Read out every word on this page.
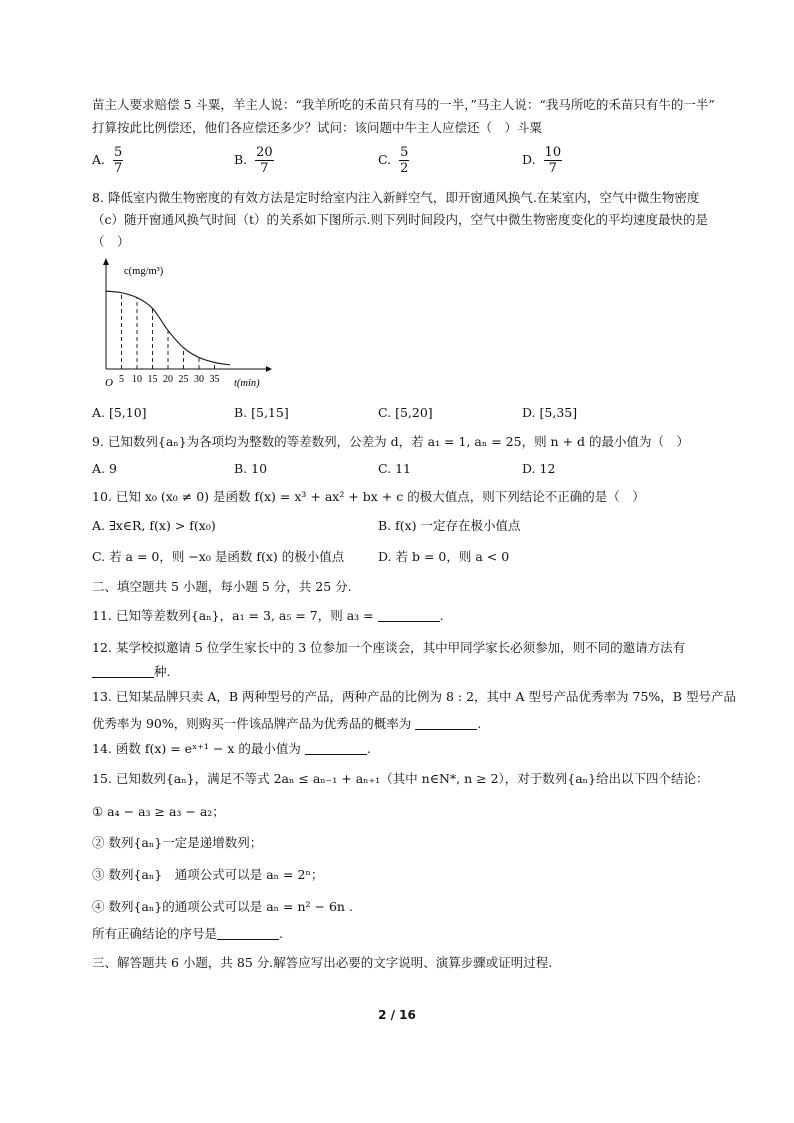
苗主人要求赔偿 5 斗粟，羊主人说：“我羊所吃的禾苗只有马的一半，”马主人说：“我马所吃的禾苗只有牛的一半”
打算按此比例偿还，他们各应偿还多少？试问：该问题中牛主人应偿还（　）斗粟
A. $\frac{5}{7}$	B. $\frac{20}{7}$	C. $\frac{5}{2}$	D. $\frac{10}{7}$
8. 降低室内微生物密度的有效方法是定时给室内注入新鲜空气，即开窗通风换气.在某室内，空气中微生物密度
（c）随开窗通风换气时间（t）的关系如下图所示.则下列时间段内，空气中微生物密度变化的平均速度最快的是
（　）
5 10 15 20 25 30 35
c(mg/m³)
t(min)
O
A. [5,10]	B. [5,15]	C. [5,20]	D. [5,35]
9. 已知数列{aₙ}为各项均为整数的等差数列，公差为 d，若 a₁ = 1, aₙ = 25，则 n + d 的最小值为（　）
A. 9	B. 10	C. 11	D. 12
10. 已知 x₀ (x₀ ≠ 0) 是函数 f(x) = x³ + ax² + bx + c 的极大值点，则下列结论不正确的是（　）
A. ∃x∈R, f(x) > f(x₀)	B. f(x) 一定存在极小值点
C. 若 a = 0，则 −x₀ 是函数 f(x) 的极小值点	D. 若 b = 0，则 a < 0
二、填空题共 5 小题，每小题 5 分，共 25 分.
11. 已知等差数列{aₙ}，a₁ = 3, a₅ = 7，则 a₃ =	.
12. 某学校拟邀请 5 位学生家长中的 3 位参加一个座谈会，其中甲同学家长必须参加，则不同的邀请方法有
种.
13. 已知某品牌只卖 A，B 两种型号的产品，两种产品的比例为 8 : 2，其中 A 型号产品优秀率为 75%，B 型号产品
优秀率为 90%，则购买一件该品牌产品为优秀品的概率为	.
14. 函数 f(x) = eˣ⁺¹ − x 的最小值为	.
15. 已知数列{aₙ}，满足不等式 2aₙ ≤ aₙ₋₁ + aₙ₊₁（其中 n∈N*, n ≥ 2），对于数列{aₙ}给出以下四个结论：
① a₄ − a₃ ≥ a₃ − a₂；
② 数列{aₙ}一定是递增数列；
③ 数列{aₙ}　通项公式可以是 aₙ = 2ⁿ；
④ 数列{aₙ}的通项公式可以是 aₙ = n² − 6n .
所有正确结论的序号是	.
三、解答题共 6 小题，共 85 分.解答应写出必要的文字说明、演算步骤或证明过程.
2 / 16
